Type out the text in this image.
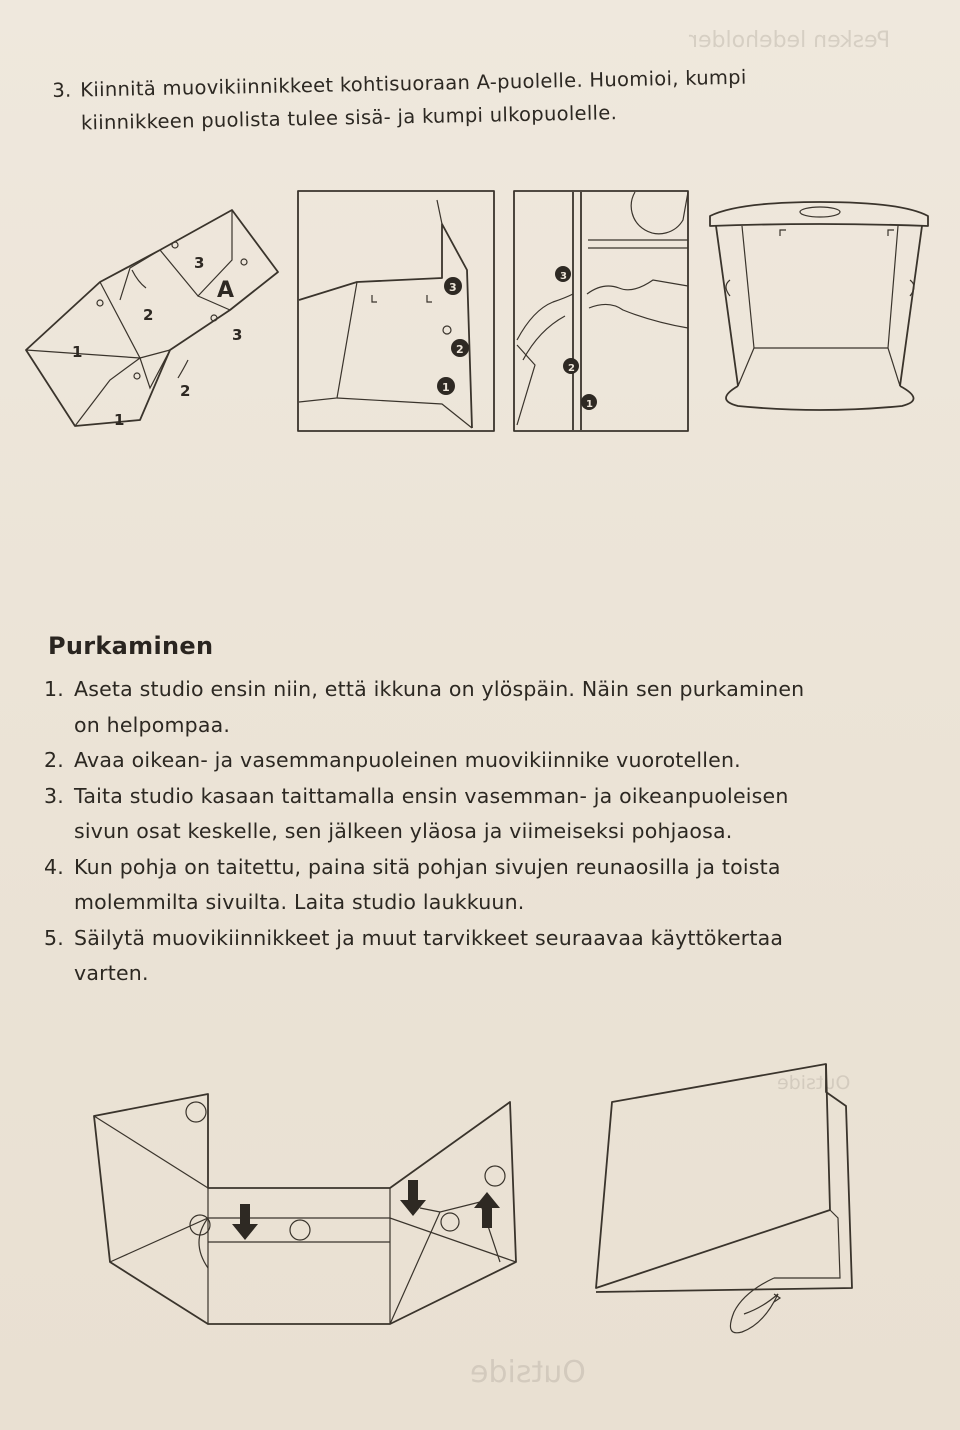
Pesken ledeholder
Outside
Outside
3. Kiinnitä muovikiinnikkeet kohtisuoraan A-puolelle. Huomioi, kumpi
kiinnikkeen puolista tulee sisä- ja kumpi ulkopuolelle.
1
2
3
A
3
2
1
3
2
1
3
2
1
Purkaminen
1. Aseta studio ensin niin, että ikkuna on ylöspäin. Näin sen purkaminen
on helpompaa.
2. Avaa oikean- ja vasemmanpuoleinen muovikiinnike vuorotellen.
3. Taita studio kasaan taittamalla ensin vasemman- ja oikeanpuoleisen
sivun osat keskelle, sen jälkeen yläosa ja viimeiseksi pohjaosa.
4. Kun pohja on taitettu, paina sitä pohjan sivujen reunaosilla ja toista
molemmilta sivuilta. Laita studio laukkuun.
5. Säilytä muovikiinnikkeet ja muut tarvikkeet seuraavaa käyttökertaa
varten.
